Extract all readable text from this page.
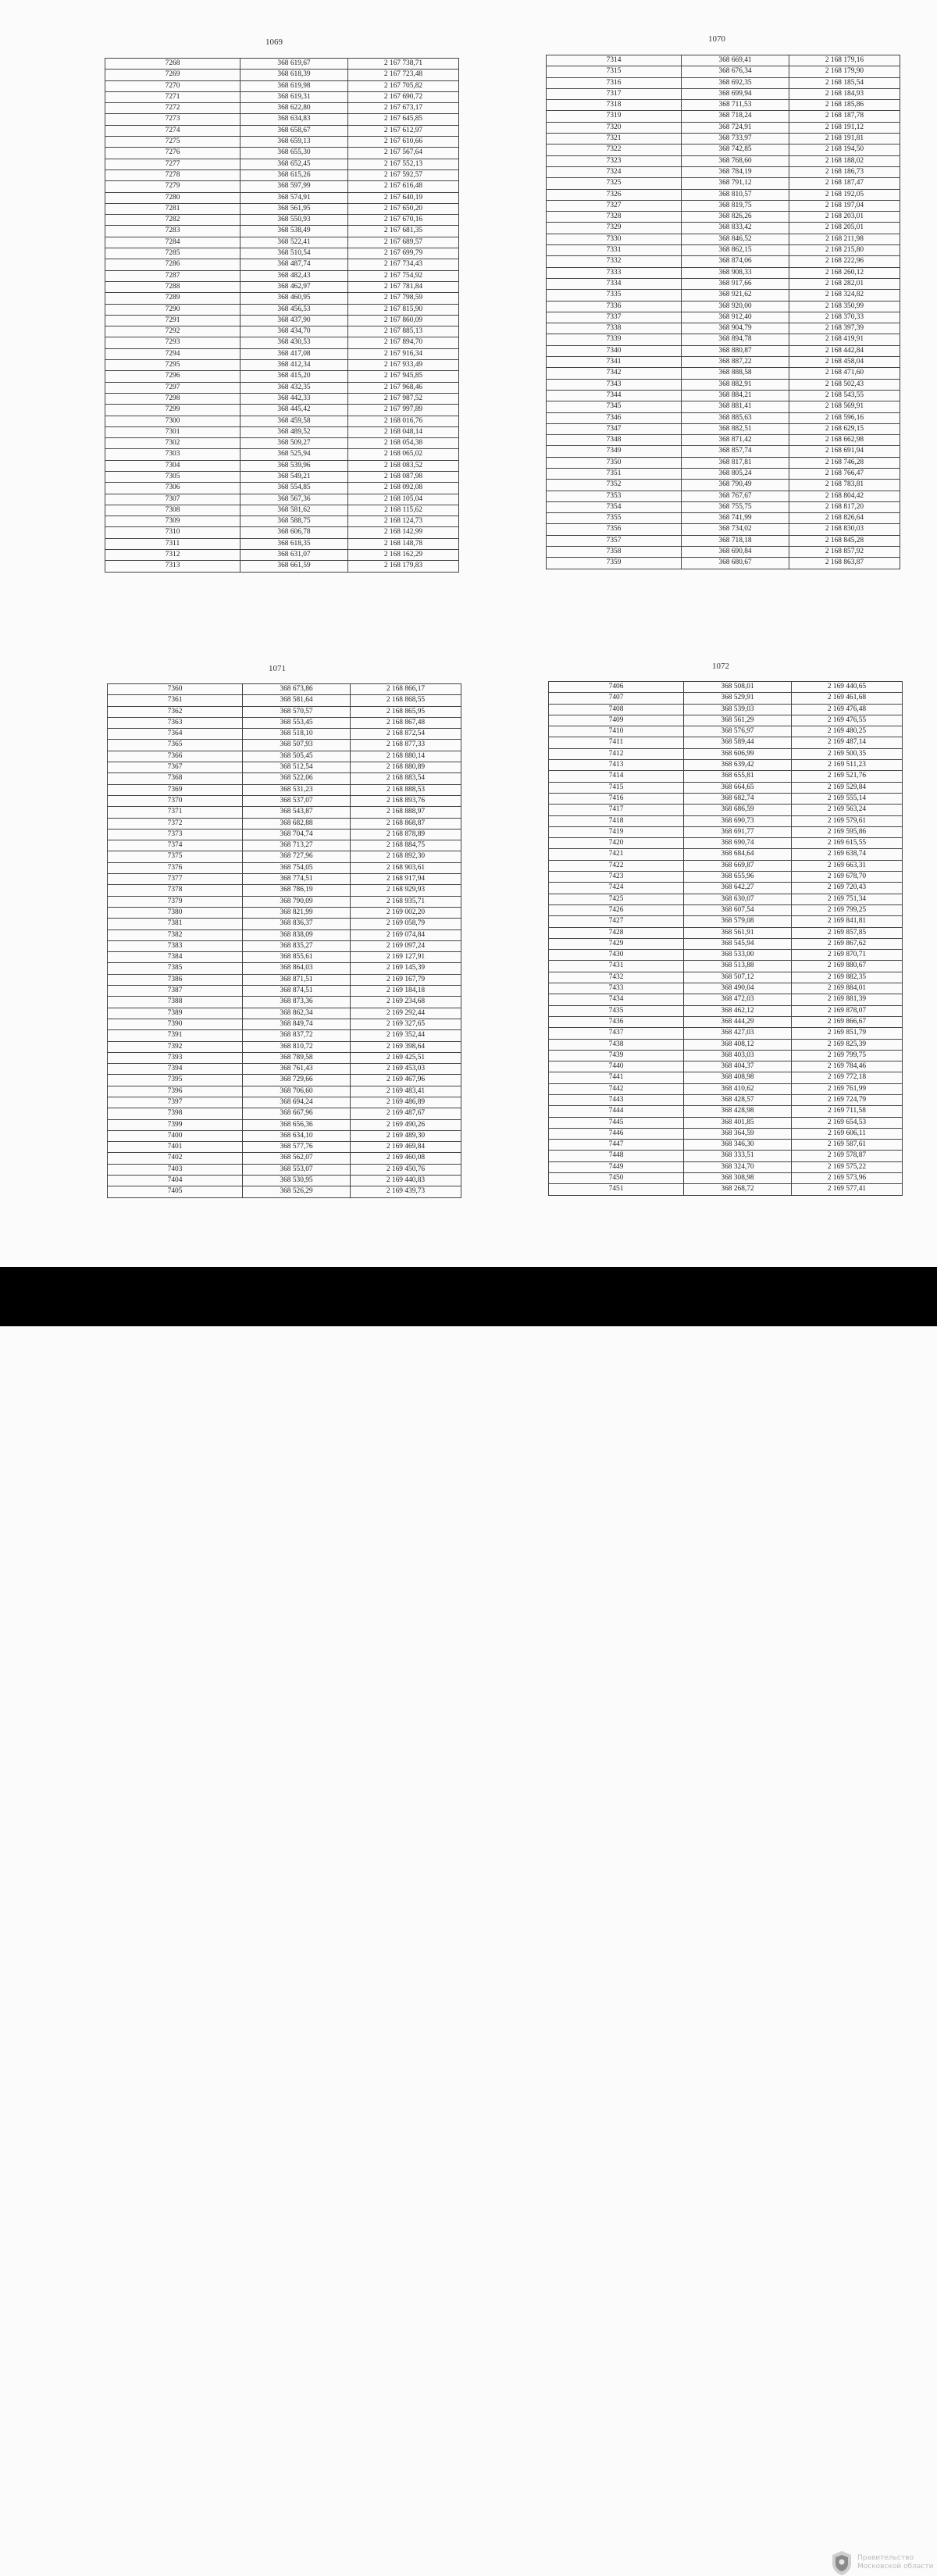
1069
7268	368 619,67	2 167 738,71
7269	368 618,39	2 167 723,48
7270	368 619,98	2 167 705,82
7271	368 619,31	2 167 690,72
7272	368 622,80	2 167 673,17
7273	368 634,83	2 167 645,85
7274	368 658,67	2 167 612,97
7275	368 659,13	2 167 610,66
7276	368 655,30	2 167 567,64
7277	368 652,45	2 167 552,13
7278	368 615,26	2 167 592,57
7279	368 597,99	2 167 616,48
7280	368 574,91	2 167 640,19
7281	368 561,95	2 167 650,20
7282	368 550,93	2 167 670,16
7283	368 538,49	2 167 681,35
7284	368 522,41	2 167 689,57
7285	368 510,54	2 167 699,79
7286	368 487,74	2 167 734,43
7287	368 482,43	2 167 754,92
7288	368 462,97	2 167 781,84
7289	368 460,95	2 167 798,59
7290	368 456,53	2 167 815,90
7291	368 437,90	2 167 860,09
7292	368 434,70	2 167 885,13
7293	368 430,53	2 167 894,70
7294	368 417,08	2 167 916,34
7295	368 412,34	2 167 933,49
7296	368 415,20	2 167 945,85
7297	368 432,35	2 167 968,46
7298	368 442,33	2 167 987,52
7299	368 445,42	2 167 997,89
7300	368 459,58	2 168 016,76
7301	368 489,52	2 168 048,14
7302	368 509,27	2 168 054,38
7303	368 525,94	2 168 065,02
7304	368 539,96	2 168 083,52
7305	368 549,21	2 168 087,98
7306	368 554,85	2 168 092,08
7307	368 567,36	2 168 105,04
7308	368 581,62	2 168 115,62
7309	368 588,75	2 168 124,73
7310	368 606,78	2 168 142,99
7311	368 618,35	2 168 148,78
7312	368 631,07	2 168 162,29
7313	368 661,59	2 168 179,83
1070
7314	368 669,41	2 168 179,16
7315	368 676,34	2 168 179,90
7316	368 692,35	2 168 185,54
7317	368 699,94	2 168 184,93
7318	368 711,53	2 168 185,86
7319	368 718,24	2 168 187,78
7320	368 724,91	2 168 191,12
7321	368 733,97	2 168 191,81
7322	368 742,85	2 168 194,50
7323	368 768,60	2 168 188,02
7324	368 784,19	2 168 186,73
7325	368 791,12	2 168 187,47
7326	368 810,57	2 168 192,05
7327	368 819,75	2 168 197,04
7328	368 826,26	2 168 203,01
7329	368 833,42	2 168 205,01
7330	368 846,52	2 168 211,98
7331	368 862,15	2 168 215,80
7332	368 874,06	2 168 222,96
7333	368 908,33	2 168 260,12
7334	368 917,66	2 168 282,01
7335	368 921,62	2 168 324,82
7336	368 920,00	2 168 350,99
7337	368 912,40	2 168 370,33
7338	368 904,79	2 168 397,39
7339	368 894,78	2 168 419,91
7340	368 880,87	2 168 442,84
7341	368 887,22	2 168 458,04
7342	368 888,58	2 168 471,60
7343	368 882,91	2 168 502,43
7344	368 884,21	2 168 543,55
7345	368 881,41	2 168 569,91
7346	368 885,63	2 168 596,16
7347	368 882,51	2 168 629,15
7348	368 871,42	2 168 662,98
7349	368 857,74	2 168 691,94
7350	368 817,81	2 168 746,28
7351	368 805,24	2 168 766,47
7352	368 790,49	2 168 783,81
7353	368 767,67	2 168 804,42
7354	368 755,75	2 168 817,20
7355	368 741,99	2 168 826,64
7356	368 734,02	2 168 830,03
7357	368 718,18	2 168 845,28
7358	368 690,84	2 168 857,92
7359	368 680,67	2 168 863,87
1071
7360	368 673,86	2 168 866,17
7361	368 581,64	2 168 868,55
7362	368 570,57	2 168 865,95
7363	368 553,45	2 168 867,48
7364	368 518,10	2 168 872,54
7365	368 507,93	2 168 877,33
7366	368 505,45	2 168 880,14
7367	368 512,54	2 168 880,89
7368	368 522,06	2 168 883,54
7369	368 531,23	2 168 888,53
7370	368 537,07	2 168 893,76
7371	368 543,87	2 168 888,97
7372	368 682,88	2 168 868,87
7373	368 704,74	2 168 878,89
7374	368 713,27	2 168 884,75
7375	368 727,96	2 168 892,30
7376	368 754,05	2 168 903,61
7377	368 774,51	2 168 917,94
7378	368 786,19	2 168 929,93
7379	368 790,09	2 168 935,71
7380	368 821,99	2 169 002,20
7381	368 836,37	2 169 058,79
7382	368 838,09	2 169 074,84
7383	368 835,27	2 169 097,24
7384	368 855,61	2 169 127,91
7385	368 864,03	2 169 145,39
7386	368 871,51	2 169 167,79
7387	368 874,51	2 169 184,18
7388	368 873,36	2 169 234,68
7389	368 862,34	2 169 292,44
7390	368 849,74	2 169 327,65
7391	368 837,72	2 169 352,44
7392	368 810,72	2 169 398,64
7393	368 789,58	2 169 425,51
7394	368 761,43	2 169 453,03
7395	368 729,66	2 169 467,96
7396	368 706,60	2 169 483,41
7397	368 694,24	2 169 486,89
7398	368 667,96	2 169 487,67
7399	368 656,36	2 169 490,26
7400	368 634,10	2 169 489,30
7401	368 577,76	2 169 469,84
7402	368 562,07	2 169 460,08
7403	368 553,07	2 169 450,76
7404	368 530,95	2 169 440,83
7405	368 526,29	2 169 439,73
1072
7406	368 508,01	2 169 440,65
7407	368 529,91	2 169 461,68
7408	368 539,03	2 169 476,48
7409	368 561,29	2 169 476,55
7410	368 576,97	2 169 480,25
7411	368 589,44	2 169 487,14
7412	368 606,99	2 169 500,35
7413	368 639,42	2 169 511,23
7414	368 655,81	2 169 521,76
7415	368 664,65	2 169 529,84
7416	368 682,74	2 169 555,14
7417	368 686,59	2 169 563,24
7418	368 690,73	2 169 579,61
7419	368 691,77	2 169 595,86
7420	368 690,74	2 169 615,55
7421	368 684,64	2 169 638,74
7422	368 669,87	2 169 663,31
7423	368 655,96	2 169 678,70
7424	368 642,27	2 169 720,43
7425	368 630,07	2 169 751,34
7426	368 607,54	2 169 799,25
7427	368 579,08	2 169 841,81
7428	368 561,91	2 169 857,85
7429	368 545,94	2 169 867,62
7430	368 533,00	2 169 870,71
7431	368 513,88	2 169 880,67
7432	368 507,12	2 169 882,35
7433	368 490,04	2 169 884,01
7434	368 472,03	2 169 881,39
7435	368 462,12	2 169 878,07
7436	368 444,29	2 169 866,67
7437	368 427,03	2 169 851,79
7438	368 408,12	2 169 825,39
7439	368 403,03	2 169 799,75
7440	368 404,37	2 169 784,46
7441	368 408,98	2 169 772,18
7442	368 410,62	2 169 761,99
7443	368 428,57	2 169 724,79
7444	368 428,98	2 169 711,58
7445	368 401,85	2 169 654,53
7446	368 364,59	2 169 606,11
7447	368 346,30	2 169 587,61
7448	368 333,51	2 169 578,87
7449	368 324,70	2 169 575,22
7450	368 308,98	2 169 573,96
7451	368 268,72	2 169 577,41
Правительство
Московской области
